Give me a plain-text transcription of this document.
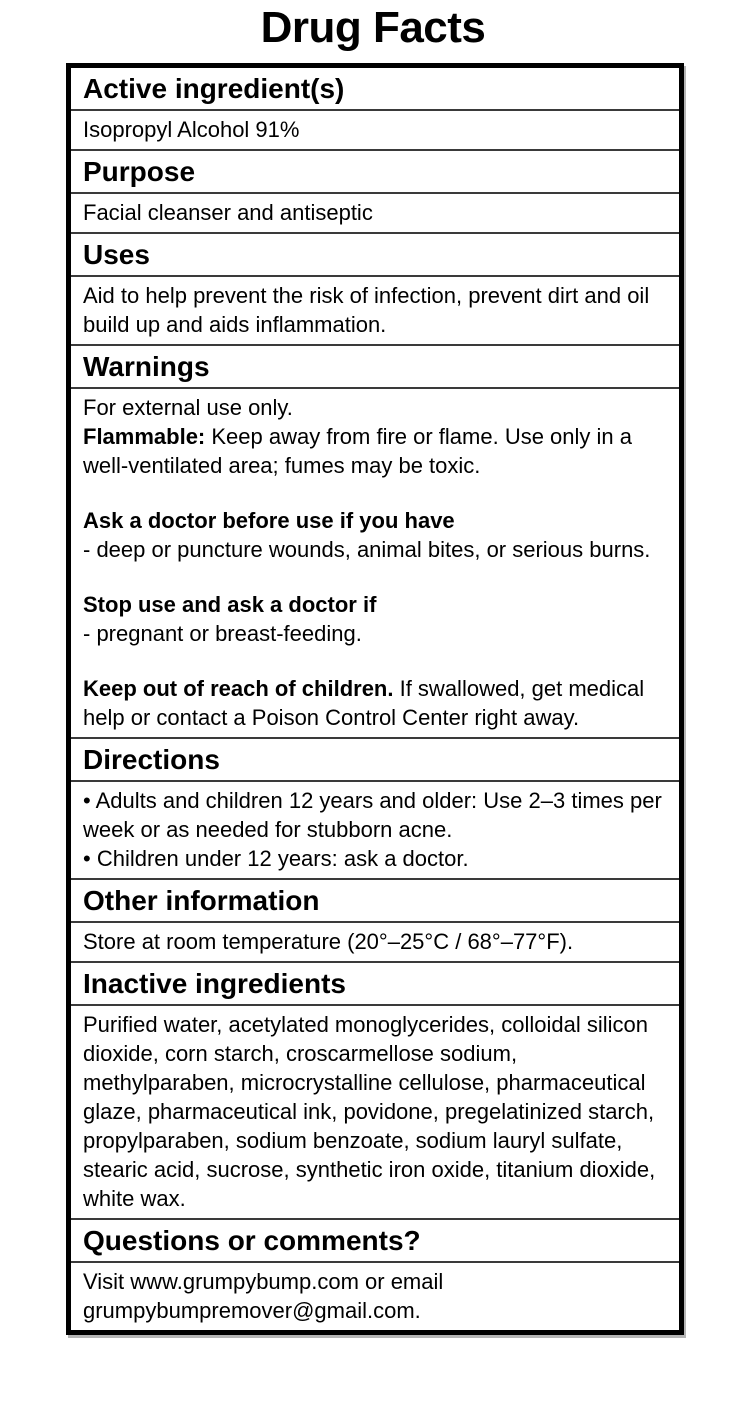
Drug Facts
Active ingredient(s)
Isopropyl Alcohol 91%
Purpose
Facial cleanser and antiseptic
Uses
Aid to help prevent the risk of infection, prevent dirt and oil build up and aids inflammation.
Warnings

For external use only.

Flammable: Keep away from fire or flame. Use only in a well-ventilated area; fumes may be toxic.

Ask a doctor before use if you have

- deep or puncture wounds, animal bites, or serious burns.

Stop use and ask a doctor if

- pregnant or breast-feeding.

Keep out of reach of children. If swallowed, get medical help or contact a Poison Control Center right away.

Directions

• Adults and children 12 years and older: Use 2–3 times per week or as needed for stubborn acne.

• Children under 12 years: ask a doctor.

Other information
Store at room temperature (20°–25°C / 68°–77°F).
Inactive ingredients
Purified water, acetylated monoglycerides, colloidal silicon dioxide, corn starch, croscarmellose sodium, methylparaben, microcrystalline cellulose, pharmaceutical glaze, pharmaceutical ink, povidone, pregelatinized starch, propylparaben, sodium benzoate, sodium lauryl sulfate, stearic acid, sucrose, synthetic iron oxide, titanium dioxide, white wax.
Questions or comments?
Visit www.grumpybump.com or email grumpybumpremover@gmail.com.
